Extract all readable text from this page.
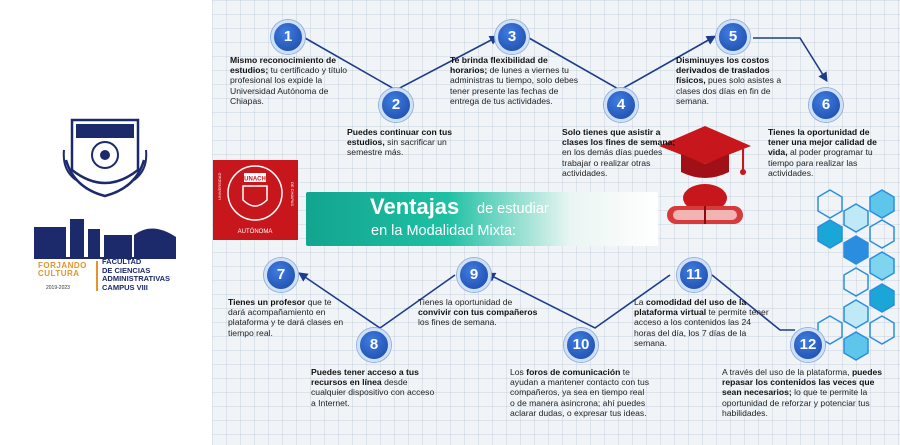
FACULTAD
DE CIENCIAS
ADMINISTRATIVAS
CAMPUS VIII
FORJANDO
CULTURA
2019-2023
UNACH
UNIVERSIDAD	DE CHIAPAS
AUTÓNOMA
Ventajas de estudiar
en la Modalidad Mixta:
1
2
3
4
5
6
7
8
9
10
11
12
Mismo reconocimiento de estudios; tu certificado y título profesional los expide la Universidad Autónoma de Chiapas.
Puedes continuar con tus estudios, sin sacrificar un semestre más.
Te brinda flexibilidad de horarios; de lunes a viernes tu administras tu tiempo, solo debes tener presente las fechas de entrega de tus actividades.
Solo tienes que asistir a clases los fines de semana; en los demás días puedes trabajar o realizar otras actividades.
Disminuyes los costos derivados de traslados físicos, pues solo asistes a clases dos días en fin de semana.
Tienes la oportunidad de tener una mejor calidad de vida, al poder programar tu tiempo para realizar las actividades.
Tienes un profesor que te dará acompañamiento en plataforma y te dará clases en tiempo real.
Puedes tener acceso a tus recursos en línea desde cualquier dispositivo con acceso a Internet.
Tienes la oportunidad de convivir con tus compañeros los fines de semana.
Los foros de comunicación te ayudan a mantener contacto con tus compañeros, ya sea en tiempo real o de manera asincrona; ahí puedes aclarar dudas, o expresar tus ideas.
La comodidad del uso de la plataforma virtual te permite tener acceso a los contenidos las 24 horas del día, los 7 días de la semana.
A través del uso de la plataforma, puedes repasar los contenidos las veces que sean necesarios; lo que te permite la oportunidad de reforzar y potenciar tus habilidades.
